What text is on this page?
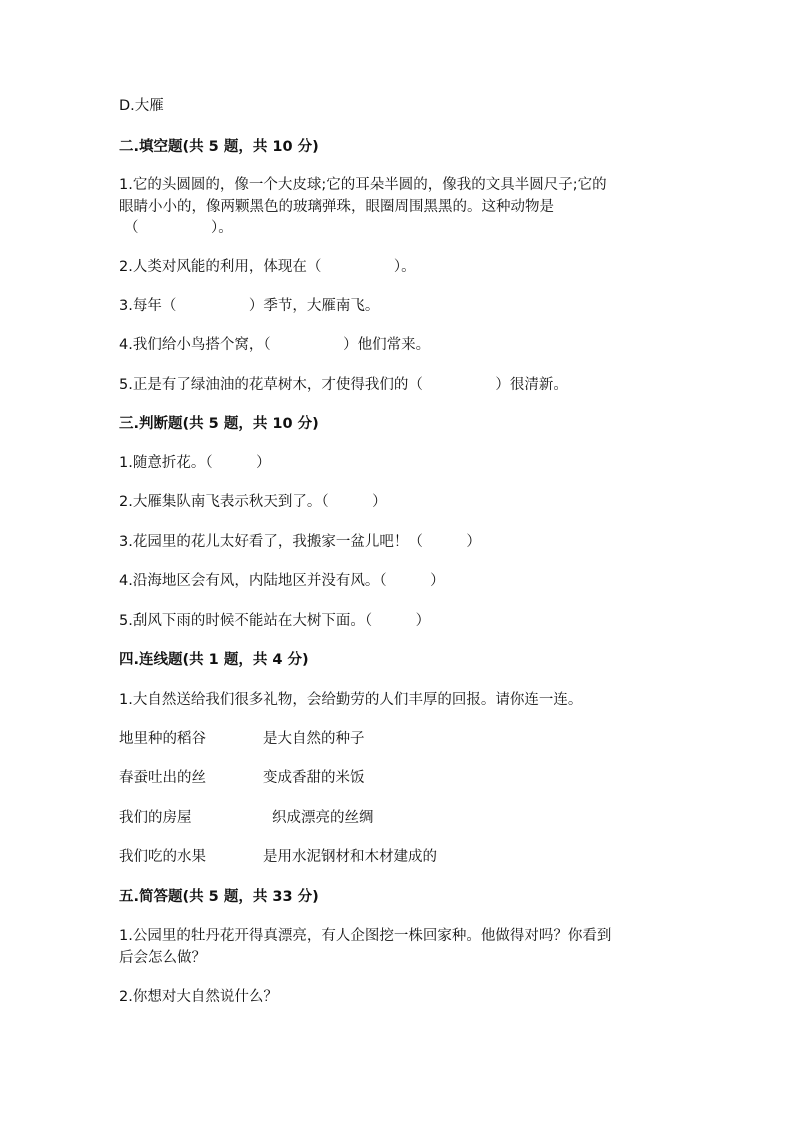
D.大雁
二.填空题(共 5 题，共 10 分)
1.它的头圆圆的，像一个大皮球;它的耳朵半圆的，像我的文具半圆尺子;它的
眼睛小小的，像两颗黑色的玻璃弹珠，眼圈周围黑黑的。这种动物是
（　　　　　）。
2.人类对风能的利用，体现在（　　　　　）。
3.每年（　　　　　）季节，大雁南飞。
4.我们给小鸟搭个窝，（　　　　　）他们常来。
5.正是有了绿油油的花草树木，才使得我们的（　　　　　）很清新。
三.判断题(共 5 题，共 10 分)
1.随意折花。（　　　）
2.大雁集队南飞表示秋天到了。（　　　）
3.花园里的花儿太好看了，我搬家一盆儿吧！（　　　）
4.沿海地区会有风，内陆地区并没有风。（　　　）
5.刮风下雨的时候不能站在大树下面。（　　　）
四.连线题(共 1 题，共 4 分)
1.大自然送给我们很多礼物，会给勤劳的人们丰厚的回报。请你连一连。
地里种的稻谷	是大自然的种子
春蚕吐出的丝	变成香甜的米饭
我们的房屋	织成漂亮的丝绸
我们吃的水果	是用水泥钢材和木材建成的
五.简答题(共 5 题，共 33 分)
1.公园里的牡丹花开得真漂亮，有人企图挖一株回家种。他做得对吗？你看到
后会怎么做？
2.你想对大自然说什么？
